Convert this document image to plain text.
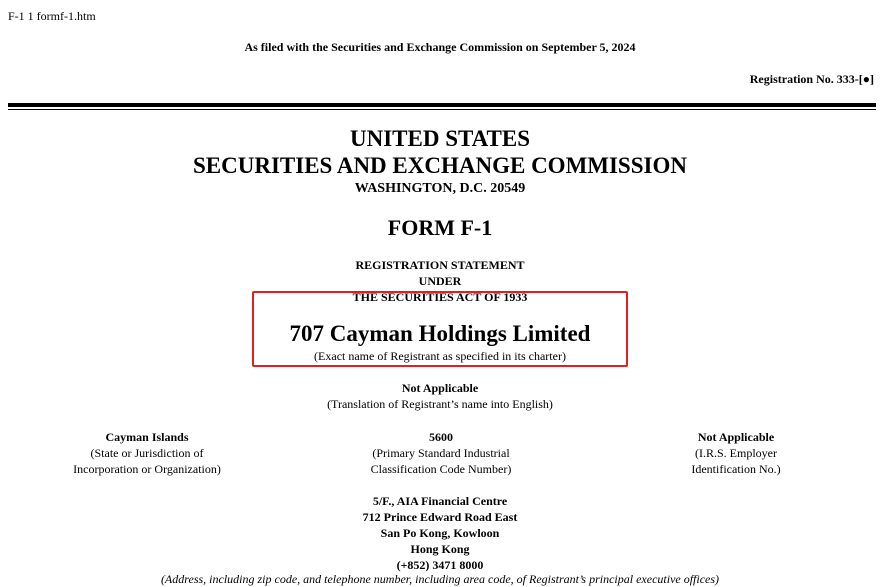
F-1 1 formf-1.htm
As filed with the Securities and Exchange Commission on September 5, 2024
Registration No. 333-[●]
UNITED STATES
SECURITIES AND EXCHANGE COMMISSION
WASHINGTON, D.C. 20549
FORM F-1
REGISTRATION STATEMENT
UNDER
THE SECURITIES ACT OF 1933
707 Cayman Holdings Limited
(Exact name of Registrant as specified in its charter)
Not Applicable
(Translation of Registrant’s name into English)
Cayman Islands
(State or Jurisdiction of
Incorporation or Organization)
5600
(Primary Standard Industrial
Classification Code Number)
Not Applicable
(I.R.S. Employer
Identification No.)
5/F., AIA Financial Centre
712 Prince Edward Road East
San Po Kong, Kowloon
Hong Kong
(+852) 3471 8000
(Address, including zip code, and telephone number, including area code, of Registrant’s principal executive offices)
